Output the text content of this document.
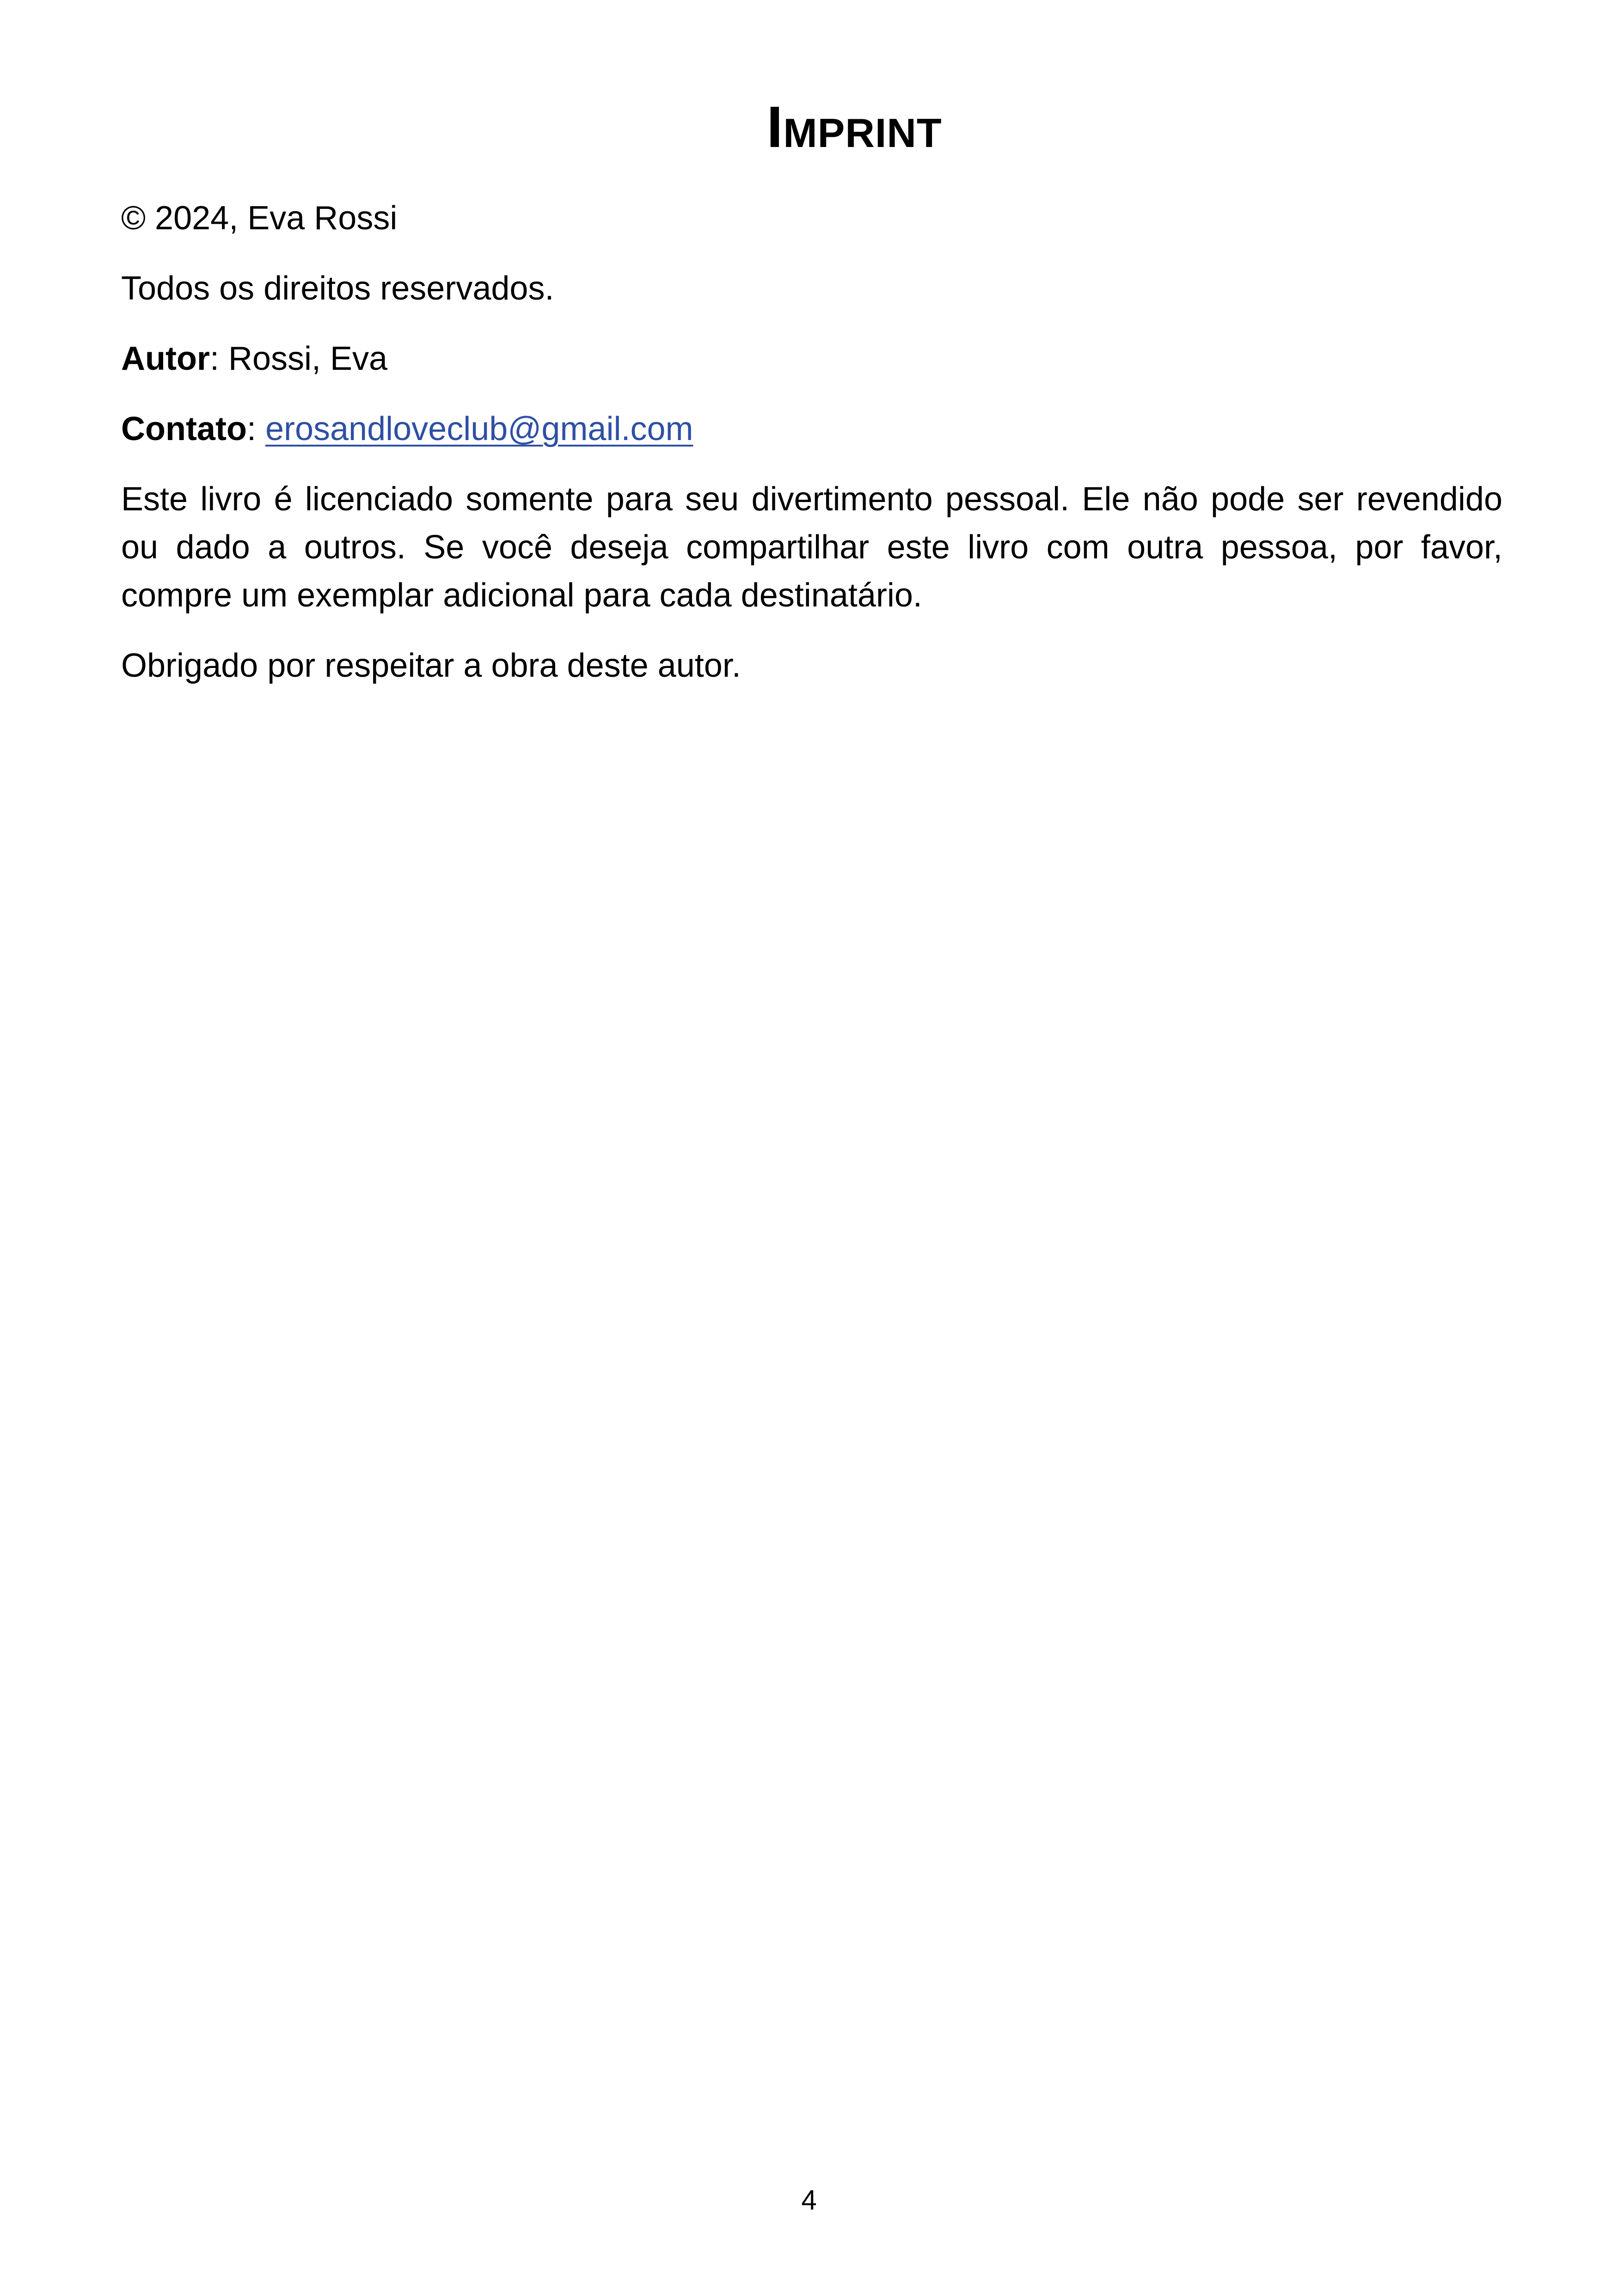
Imprint

© 2024, Eva Rossi

Todos os direitos reservados.

Autor: Rossi, Eva

Contato: erosandloveclub@gmail.com

Este livro é licenciado somente para seu divertimento pessoal. Ele não pode ser revendido ou dado a outros. Se você deseja compartilhar este livro com outra pessoa, por favor, compre um exemplar adicional para cada destinatário.

Obrigado por respeitar a obra deste autor.

4
